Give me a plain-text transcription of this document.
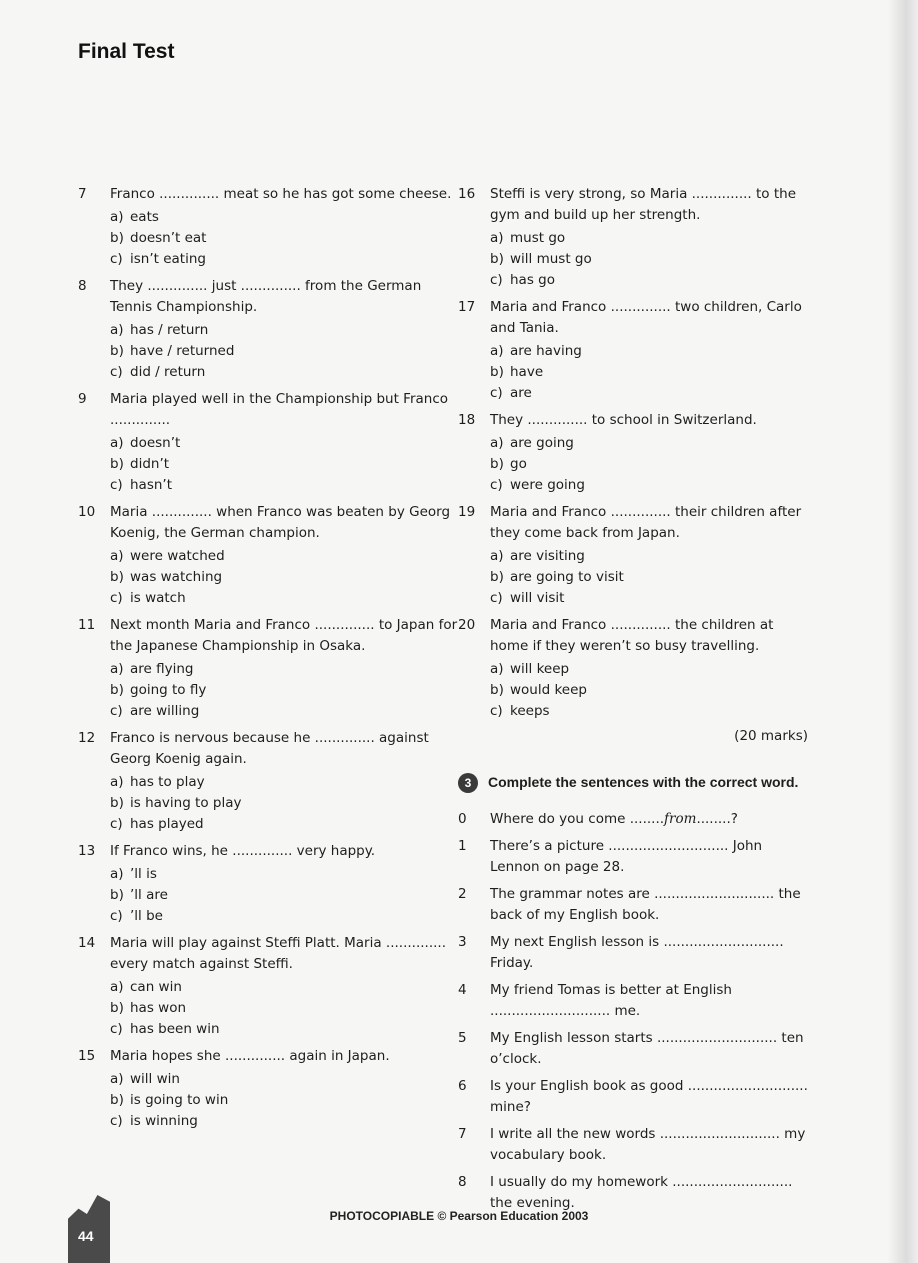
Final Test
7	Franco .............. meat so he has got some cheese.
a) eats
b) doesn’t eat
c) isn’t eating
8	They .............. just .............. from the German Tennis Championship.
a) has / return
b) have / returned
c) did / return
9	Maria played well in the Championship but Franco ..............
a) doesn’t
b) didn’t
c) hasn’t
10	Maria .............. when Franco was beaten by Georg Koenig, the German champion.
a) were watched
b) was watching
c) is watch
11	Next month Maria and Franco .............. to Japan for the Japanese Championship in Osaka.
a) are flying
b) going to fly
c) are willing
12	Franco is nervous because he .............. against Georg Koenig again.
a) has to play
b) is having to play
c) has played
13	If Franco wins, he .............. very happy.
a) ’ll is
b) ’ll are
c) ’ll be
14	Maria will play against Steffi Platt. Maria .............. every match against Steffi.
a) can win
b) has won
c) has been win
15	Maria hopes she .............. again in Japan.
a) will win
b) is going to win
c) is winning
16	Steffi is very strong, so Maria .............. to the gym and build up her strength.
a) must go
b) will must go
c) has go
17	Maria and Franco .............. two children, Carlo and Tania.
a) are having
b) have
c) are
18	They .............. to school in Switzerland.
a) are going
b) go
c) were going
19	Maria and Franco .............. their children after they come back from Japan.
a) are visiting
b) are going to visit
c) will visit
20	Maria and Franco .............. the children at home if they weren’t so busy travelling.
a) will keep
b) would keep
c) keeps
(20 marks)
3 Complete the sentences with the correct word.
0	Where do you come ........from........?
1	There’s a picture ............................ John Lennon on page 28.
2	The grammar notes are ............................ the back of my English book.
3	My next English lesson is ............................ Friday.
4	My friend Tomas is better at English ............................ me.
5	My English lesson starts ............................ ten o’clock.
6	Is your English book as good ............................ mine?
7	I write all the new words ............................ my vocabulary book.
8	I usually do my homework ............................ the evening.
44
PHOTOCOPIABLE © Pearson Education 2003
